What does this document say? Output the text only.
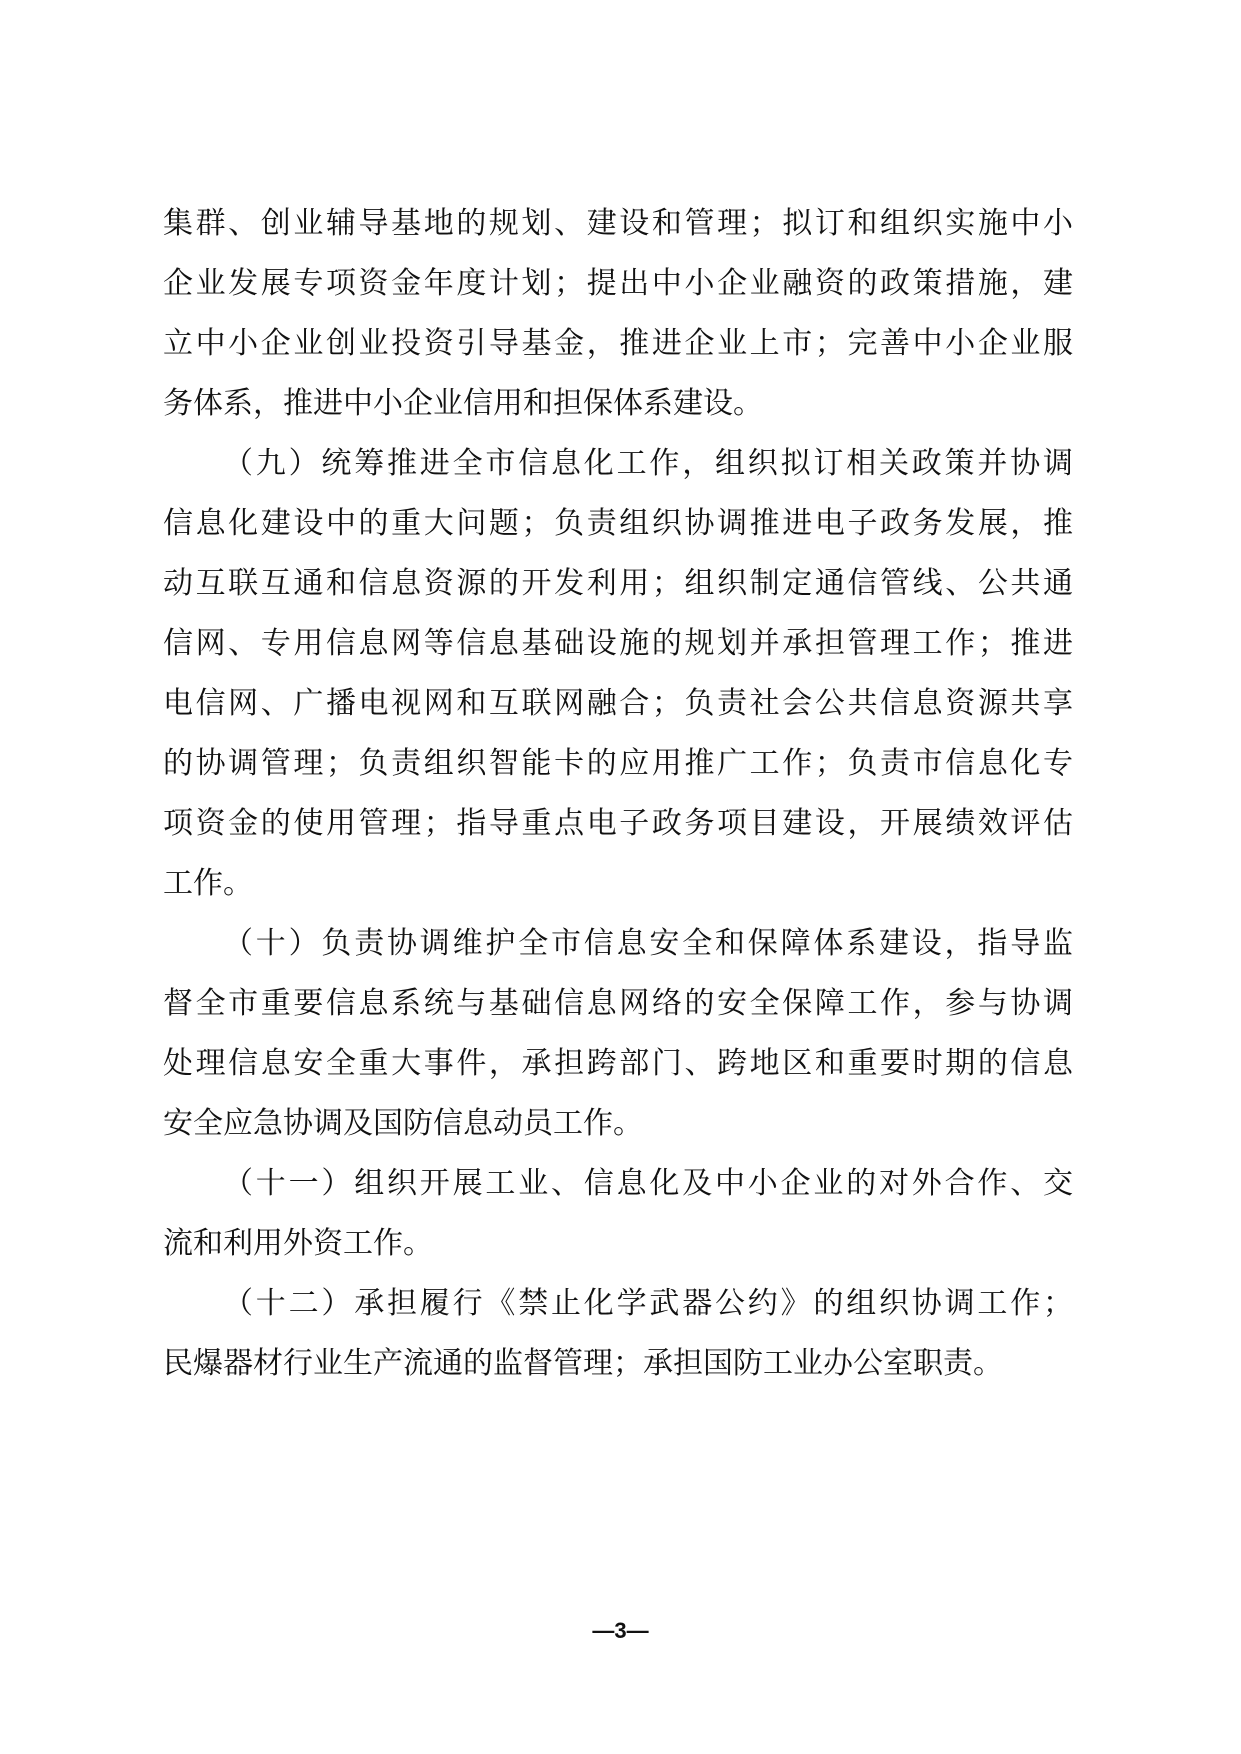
集群、创业辅导基地的规划、建设和管理；拟订和组织实施中小
企业发展专项资金年度计划；提出中小企业融资的政策措施，建
立中小企业创业投资引导基金，推进企业上市；完善中小企业服
务体系，推进中小企业信用和担保体系建设。
（九）统筹推进全市信息化工作，组织拟订相关政策并协调
信息化建设中的重大问题；负责组织协调推进电子政务发展，推
动互联互通和信息资源的开发利用；组织制定通信管线、公共通
信网、专用信息网等信息基础设施的规划并承担管理工作；推进
电信网、广播电视网和互联网融合；负责社会公共信息资源共享
的协调管理；负责组织智能卡的应用推广工作；负责市信息化专
项资金的使用管理；指导重点电子政务项目建设，开展绩效评估
工作。
（十）负责协调维护全市信息安全和保障体系建设，指导监
督全市重要信息系统与基础信息网络的安全保障工作，参与协调
处理信息安全重大事件，承担跨部门、跨地区和重要时期的信息
安全应急协调及国防信息动员工作。
（十一）组织开展工业、信息化及中小企业的对外合作、交
流和利用外资工作。
（十二）承担履行《禁止化学武器公约》的组织协调工作；
民爆器材行业生产流通的监督管理；承担国防工业办公室职责。
—3—
